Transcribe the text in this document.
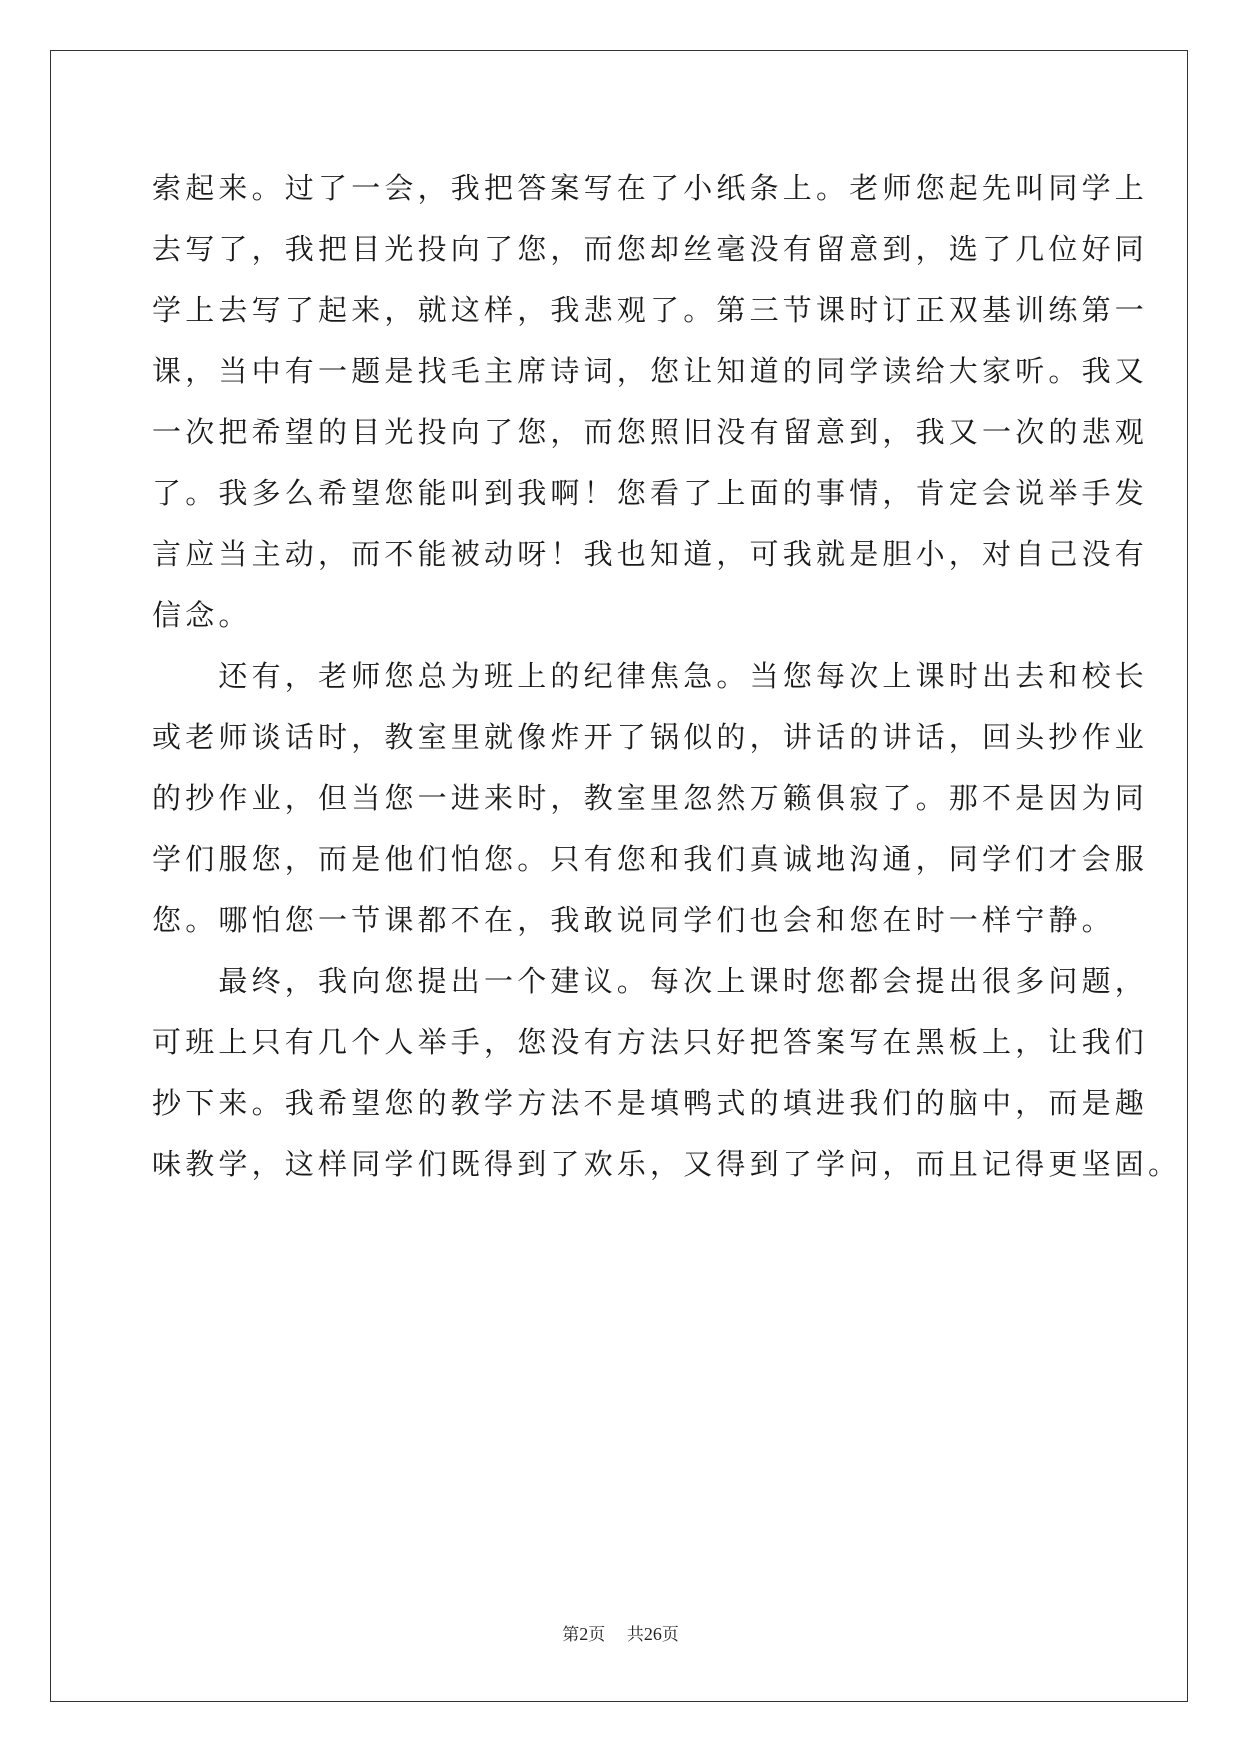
索起来。过了一会，我把答案写在了小纸条上。老师您起先叫同学上
去写了，我把目光投向了您，而您却丝毫没有留意到，选了几位好同
学上去写了起来，就这样，我悲观了。第三节课时订正双基训练第一
课，当中有一题是找毛主席诗词，您让知道的同学读给大家听。我又
一次把希望的目光投向了您，而您照旧没有留意到，我又一次的悲观
了。我多么希望您能叫到我啊！您看了上面的事情，肯定会说举手发
言应当主动，而不能被动呀！我也知道，可我就是胆小，对自己没有
信念。
　　还有，老师您总为班上的纪律焦急。当您每次上课时出去和校长
或老师谈话时，教室里就像炸开了锅似的，讲话的讲话，回头抄作业
的抄作业，但当您一进来时，教室里忽然万籁俱寂了。那不是因为同
学们服您，而是他们怕您。只有您和我们真诚地沟通，同学们才会服
您。哪怕您一节课都不在，我敢说同学们也会和您在时一样宁静。
　　最终，我向您提出一个建议。每次上课时您都会提出很多问题，
可班上只有几个人举手，您没有方法只好把答案写在黑板上，让我们
抄下来。我希望您的教学方法不是填鸭式的填进我们的脑中，而是趣
味教学，这样同学们既得到了欢乐，又得到了学问，而且记得更坚固。
第2页 共26页
